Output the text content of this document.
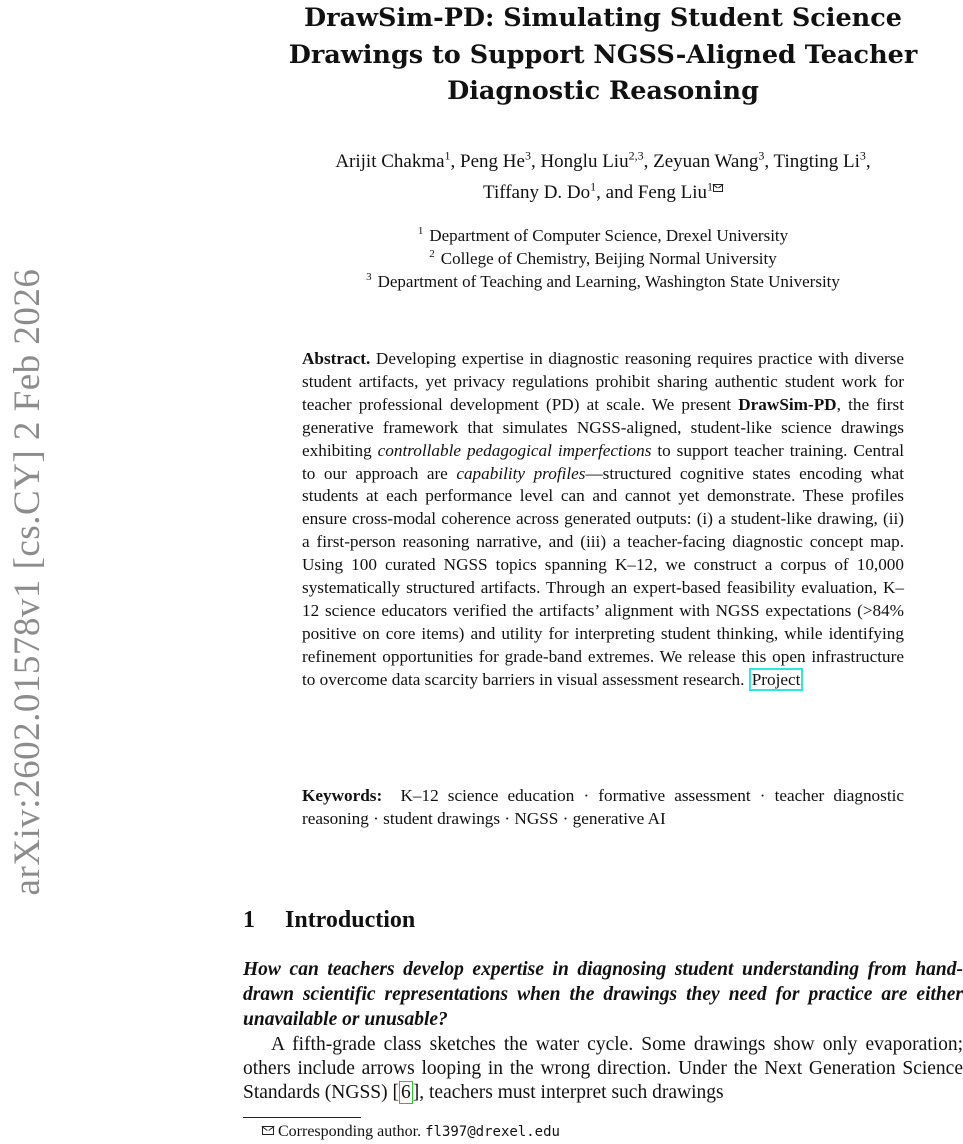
arXiv:2602.01578v1 [cs.CY] 2 Feb 2026
DrawSim-PD: Simulating Student Science
Drawings to Support NGSS-Aligned Teacher
Diagnostic Reasoning
Arijit Chakma$^1$, Peng He$^3$, Honglu Liu$^{2,3}$, Zeyuan Wang$^3$, Tingting Li$^3$,
Tiffany D. Do$^1$, and Feng Liu$^1$
$^1$ Department of Computer Science, Drexel University
$^2$ College of Chemistry, Beijing Normal University
$^3$ Department of Teaching and Learning, Washington State University
Abstract. Developing expertise in diagnostic reasoning requires practice with diverse student artifacts, yet privacy regulations prohibit sharing authentic student work for teacher professional development (PD) at scale. We present DrawSim-PD, the first generative framework that simulates NGSS-aligned, student-like science drawings exhibiting controllable pedagogical imperfections to support teacher training. Central to our approach are capability profiles—structured cognitive states encoding what students at each performance level can and cannot yet demonstrate. These profiles ensure cross-modal coherence across generated outputs: (i) a student-like drawing, (ii) a first-person reasoning narrative, and (iii) a teacher-facing diagnostic concept map. Using 100 curated NGSS topics spanning K–12, we construct a corpus of 10,000 systematically structured artifacts. Through an expert-based feasibility evaluation, K–12 science educators verified the artifacts’ alignment with NGSS expectations (>84% positive on core items) and utility for interpreting student thinking, while identifying refinement opportunities for grade-band extremes. We release this open infrastructure to overcome data scarcity barriers in visual assessment research. Project
Keywords: K–12 science education · formative assessment · teacher diagnostic reasoning · student drawings · NGSS · generative AI
1 Introduction
How can teachers develop expertise in diagnosing student understanding from hand-drawn scientific representations when the drawings they need for practice are either unavailable or unusable?
A fifth-grade class sketches the water cycle. Some drawings show only evaporation; others include arrows looping in the wrong direction. Under the Next Generation Science Standards (NGSS) [ 6 ], teachers must interpret such drawings
Corresponding author. fl397@drexel.edu
